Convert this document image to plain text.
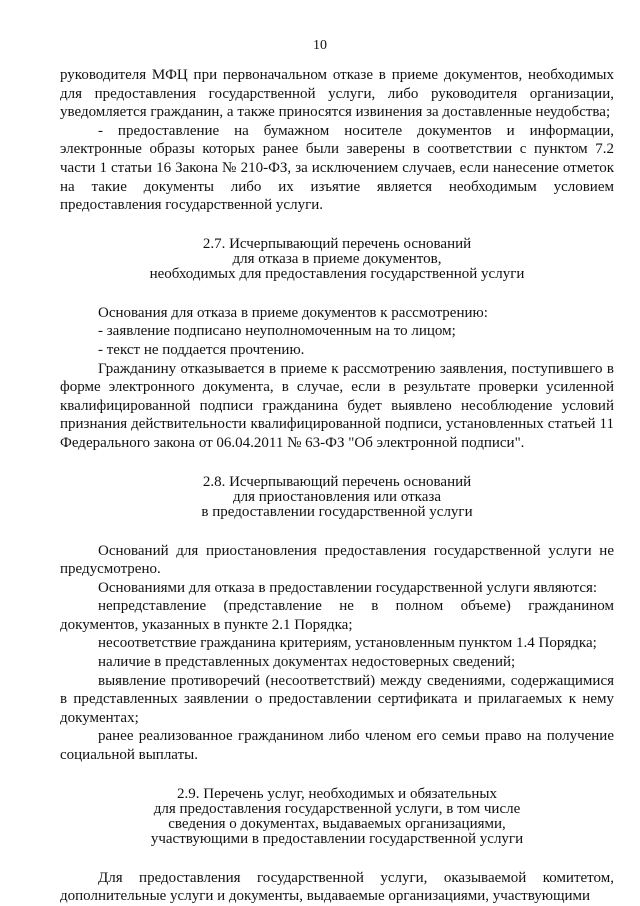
10

руководителя МФЦ при первоначальном отказе в приеме документов, необходимых для предоставления государственной услуги, либо руководителя организации, уведомляется гражданин, а также приносятся извинения за доставленные неудобства;

- предоставление на бумажном носителе документов и информации, электронные образы которых ранее были заверены в соответствии с пунктом 7.2 части 1 статьи 16 Закона № 210-ФЗ, за исключением случаев, если нанесение отметок на такие документы либо их изъятие является необходимым условием предоставления государственной услуги.

2.7. Исчерпывающий перечень оснований
для отказа в приеме документов,
необходимых для предоставления государственной услуги

Основания для отказа в приеме документов к рассмотрению:

- заявление подписано неуполномоченным на то лицом;

- текст не поддается прочтению.

Гражданину отказывается в приеме к рассмотрению заявления, поступившего в форме электронного документа, в случае, если в результате проверки усиленной квалифицированной подписи гражданина будет выявлено несоблюдение условий признания действительности квалифицированной подписи, установленных статьей 11 Федерального закона от 06.04.2011 № 63-ФЗ "Об электронной подписи".

2.8. Исчерпывающий перечень оснований
для приостановления или отказа
в предоставлении государственной услуги

Оснований для приостановления предоставления государственной услуги не предусмотрено.

Основаниями для отказа в предоставлении государственной услуги являются:

непредставление (представление не в полном объеме) гражданином документов, указанных в пункте 2.1 Порядка;

несоответствие гражданина критериям, установленным пунктом 1.4 Порядка;

наличие в представленных документах недостоверных сведений;

выявление противоречий (несоответствий) между сведениями, содержащимися в представленных заявлении о предоставлении сертификата и прилагаемых к нему документах;

ранее реализованное гражданином либо членом его семьи право на получение социальной выплаты.

2.9. Перечень услуг, необходимых и обязательных
для предоставления государственной услуги, в том числе
сведения о документах, выдаваемых организациями,
участвующими в предоставлении государственной услуги

Для предоставления государственной услуги, оказываемой комитетом, дополнительные услуги и документы, выдаваемые организациями, участвующими
